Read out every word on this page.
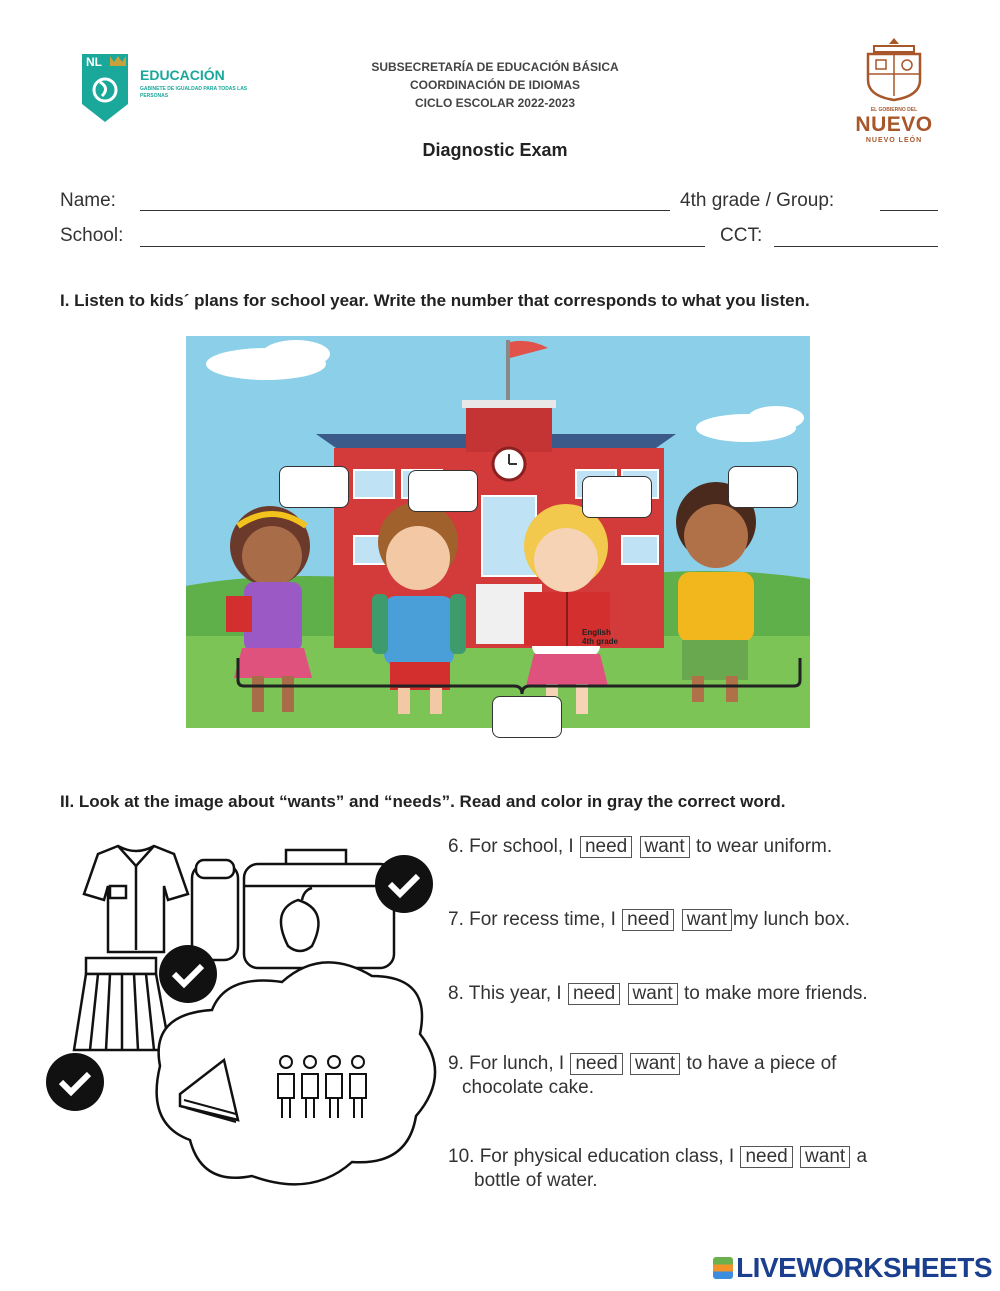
NL
EDUCACIÓN
GABINETE DE IGUALDAD PARA TODAS LAS PERSONAS
SUBSECRETARÍA DE EDUCACIÓN BÁSICA
COORDINACIÓN DE IDIOMAS
CICLO ESCOLAR 2022-2023	EL GOBIERNO DEL
NUEVO
NUEVO LEÓN
Diagnostic Exam
Name:	4th grade / Group:
School:	CCT:
I. Listen to kids´ plans for school year. Write the number that corresponds to what you listen.
English 4th grade
II. Look at the image about “wants” and “needs”. Read and color in gray the correct word.
6. For school, I need want to wear uniform.
7. For recess time, I need want my lunch box.
8. This year, I need want to make more friends.
9. For lunch, I need want to have a piece of
chocolate cake.
10. For physical education class, I need want a
bottle of water.
LIVEWORKSHEETS
